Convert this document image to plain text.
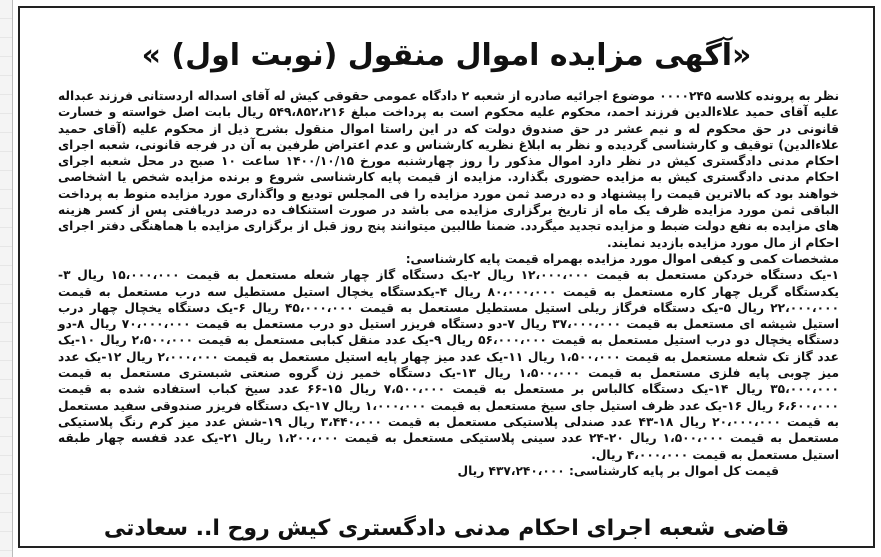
«آگهی مزایده اموال منقول (نوبت اول) »

نظر به پرونده کلاسه ۰۰۰۰۲۴۵ موضوع اجرائیه صادره از شعبه ۲ دادگاه عمومی حقوقی کیش له آقای اسداله اردستانی فرزند عبداله علیه آقای حمید علاءالدین فرزند احمد، محکوم علیه محکوم است به پرداخت مبلغ ۵۴۹،۸۵۲،۲۱۶ ریال بابت اصل خواسته و خسارت قانونی در حق محکوم له و نیم عشر در حق صندوق دولت که در این راستا اموال منقول بشرح ذیل از محکوم علیه (آقای حمید علاءالدین) توقیف و کارشناسی گردیده و نظر به ابلاغ نظریه کارشناس و عدم اعتراض طرفین به آن در فرجه قانونی، شعبه اجرای احکام مدنی دادگستری کیش در نظر دارد اموال مذکور را روز چهارشنبه مورخ ۱۴۰۰/۱۰/۱۵ ساعت ۱۰ صبح در محل شعبه اجرای احکام مدنی دادگستری کیش به مزایده حضوری بگذارد. مزایده از قیمت پایه کارشناسی شروع و برنده مزایده شخص یا اشخاصی خواهند بود که بالاترین قیمت را پیشنهاد و ده درصد ثمن مورد مزایده را فی المجلس تودیع و واگذاری مورد مزایده منوط به پرداخت الباقی ثمن مورد مزایده ظرف یک ماه از تاریخ برگزاری مزایده می باشد در صورت استنکاف ده درصد دریافتی پس از کسر هزینه های مزایده به نفع دولت ضبط و مزایده تجدید میگردد. ضمنا طالبین میتوانند پنج روز قبل از برگزاری مزایده با هماهنگی دفتر اجرای احکام از مال مورد مزایده بازدید نمایند.

مشخصات کمی و کیفی اموال مورد مزایده بهمراه قیمت پایه کارشناسی:

۱-یک دستگاه خردکن مستعمل به قیمت ۱۲،۰۰۰،۰۰۰ ریال ۲-یک دستگاه گاز چهار شعله مستعمل به قیمت ۱۵،۰۰۰،۰۰۰ ریال ۳-یکدستگاه گریل چهار کاره مستعمل به قیمت ۸۰،۰۰۰،۰۰۰ ریال ۴-یکدستگاه یخچال استیل مستطیل سه درب مستعمل به قیمت ۲۲،۰۰۰،۰۰۰ ریال ۵-یک دستگاه فرگاز ریلی استیل مستطیل مستعمل به قیمت ۴۵،۰۰۰،۰۰۰ ریال ۶-یک دستگاه یخچال چهار درب استیل شیشه ای مستعمل به قیمت ۳۷،۰۰۰،۰۰۰ ریال ۷-دو دستگاه فریزر استیل دو درب مستعمل به قیمت ۷۰،۰۰۰،۰۰۰ ریال ۸-دو دستگاه یخچال دو درب استیل مستعمل به قیمت ۵۶،۰۰۰،۰۰۰ ریال ۹-یک عدد منقل کبابی مستعمل به قیمت ۲،۵۰۰،۰۰۰ ریال ۱۰-یک عدد گاز تک شعله مستعمل به قیمت ۱،۵۰۰،۰۰۰ ریال ۱۱-یک عدد میز چهار پایه استیل مستعمل به قیمت ۲،۰۰۰،۰۰۰ ریال ۱۲-یک عدد میز چوبی پایه فلزی مستعمل به قیمت ۱،۵۰۰،۰۰۰ ریال ۱۳-یک دستگاه خمیر زن گروه صنعتی شبستری مستعمل به قیمت ۳۵،۰۰۰،۰۰۰ ریال ۱۴-یک دستگاه کالباس بر مستعمل به قیمت ۷،۵۰۰،۰۰۰ ریال ۱۵-۶۶ عدد سیخ کباب استفاده شده به قیمت ۶،۶۰۰،۰۰۰ ریال ۱۶-یک عدد ظرف استیل جای سیخ مستعمل به قیمت ۱،۰۰۰،۰۰۰ ریال ۱۷-یک دستگاه فریزر صندوقی سفید مستعمل به قیمت ۲۰،۰۰۰،۰۰۰ ریال ۱۸-۴۳ عدد صندلی پلاستیکی مستعمل به قیمت ۳،۴۴۰،۰۰۰ ریال ۱۹-شش عدد میز کرم رنگ پلاستیکی مستعمل به قیمت ۱،۵۰۰،۰۰۰ ریال ۲۰-۲۴ عدد سینی پلاستیکی مستعمل به قیمت ۱،۲۰۰،۰۰۰ ریال ۲۱-یک عدد قفسه چهار طبقه استیل مستعمل به قیمت ۴،۰۰۰،۰۰۰ ریال.

قیمت کل اموال بر پایه کارشناسی: ۴۳۷،۲۴۰،۰۰۰ ریال

قاضی شعبه اجرای احکام مدنی دادگستری کیش روح ا.. سعادتی
